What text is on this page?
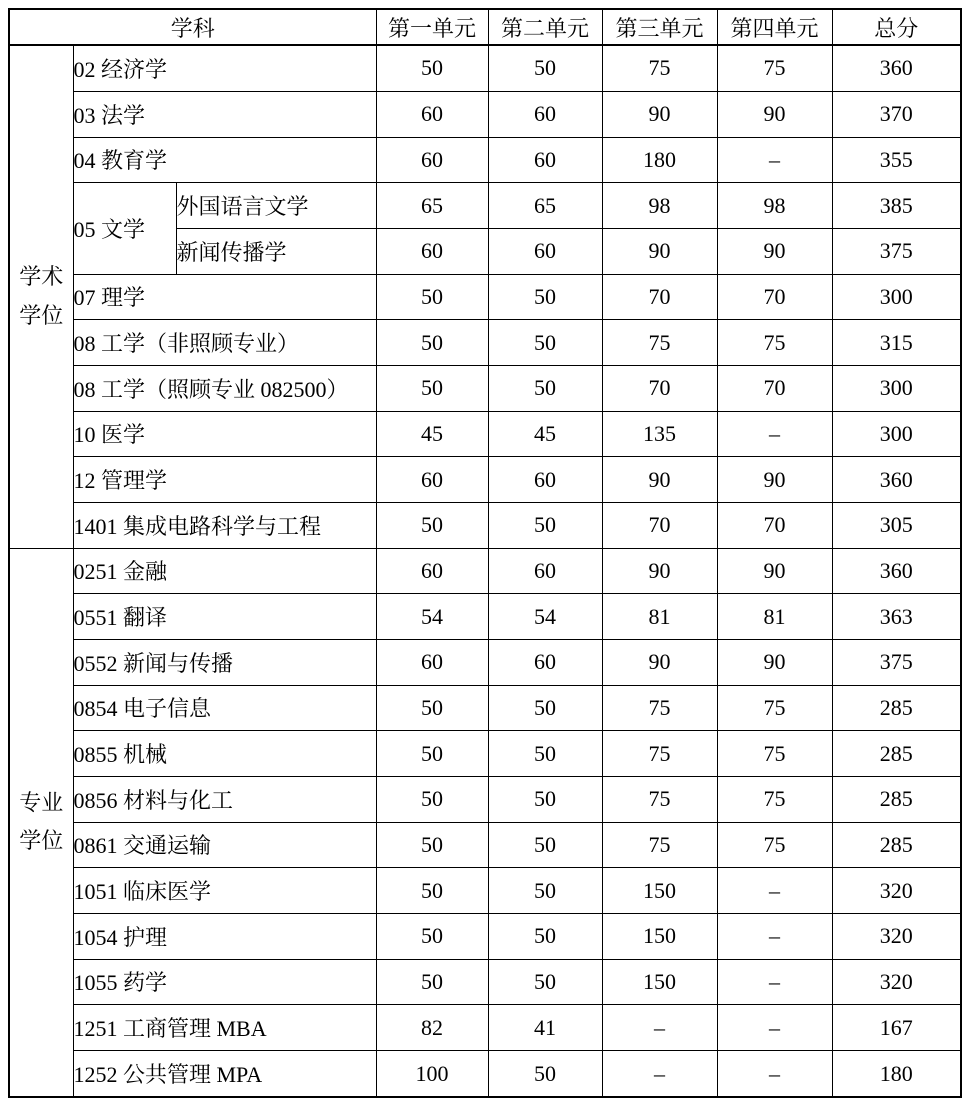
学科			第一单元	第二单元	第三单元	第四单元	总分

学术
学位	02 经济学		50	50	75	75	360
	03 法学		60	60	90	90	370
	04 教育学		60	60	180	–	355
	05 文学	外国语言文学	65	65	98	98	385
		新闻传播学	60	60	90	90	375
	07 理学		50	50	70	70	300
	08 工学（非照顾专业）		50	50	75	75	315
	08 工学（照顾专业 082500）		50	50	70	70	300
	10 医学		45	45	135	–	300
	12 管理学		60	60	90	90	360
	1401 集成电路科学与工程		50	50	70	70	305

专业
学位	0251 金融		60	60	90	90	360
	0551 翻译		54	54	81	81	363
	0552 新闻与传播		60	60	90	90	375
	0854 电子信息		50	50	75	75	285
	0855 机械		50	50	75	75	285
	0856 材料与化工		50	50	75	75	285
	0861 交通运输		50	50	75	75	285
	1051 临床医学		50	50	150	–	320
	1054 护理		50	50	150	–	320
	1055 药学		50	50	150	–	320
	1251 工商管理 MBA		82	41	–	–	167
	1252 公共管理 MPA		100	50	–	–	180
